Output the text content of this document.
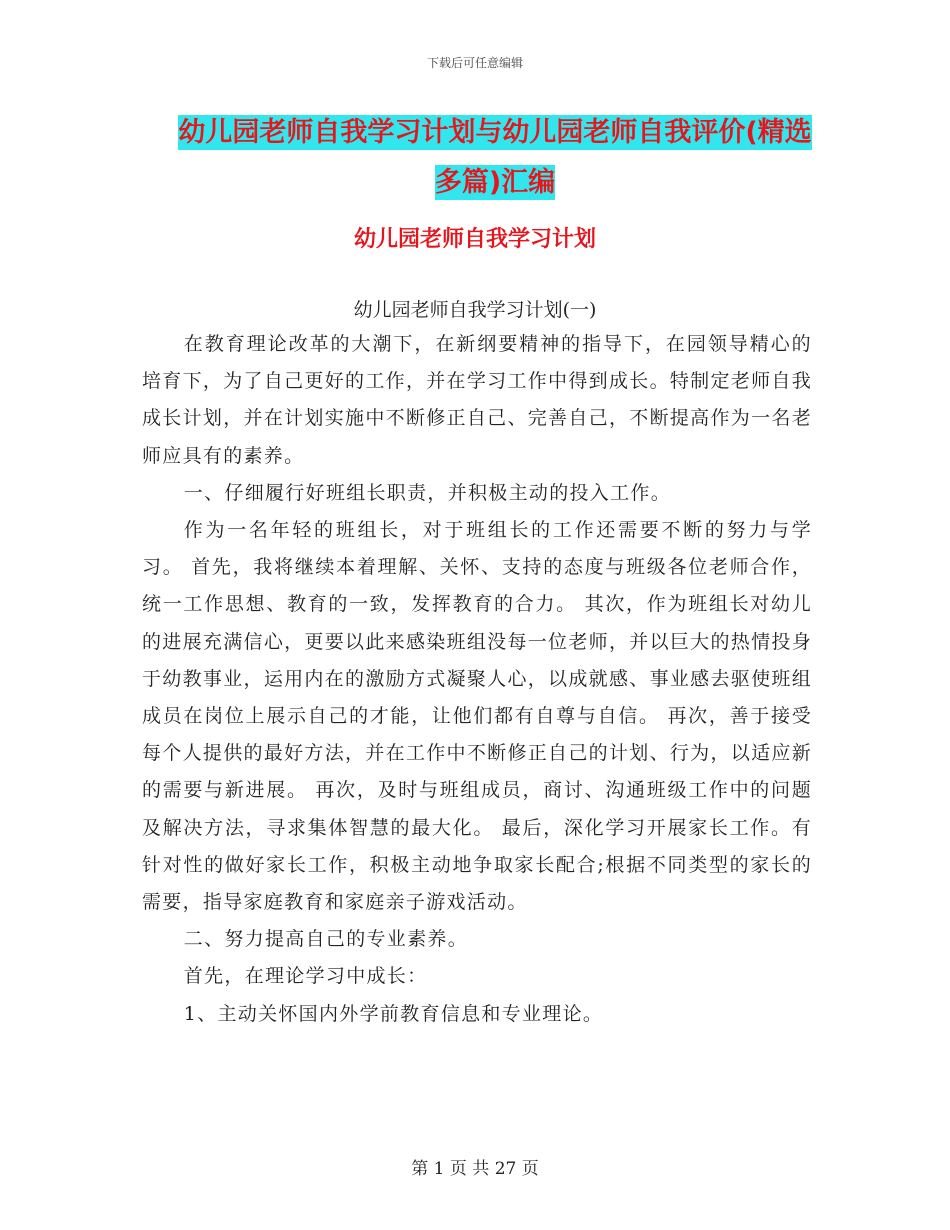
下载后可任意编辑
幼儿园老师自我学习计划与幼儿园老师自我评价(精选
多篇)汇编
幼儿园老师自我学习计划
幼儿园老师自我学习计划(一)

在教育理论改革的大潮下，在新纲要精神的指导下，在园领导精心的培育下，为了自己更好的工作，并在学习工作中得到成长。特制定老师自我成长计划，并在计划实施中不断修正自己、完善自己，不断提高作为一名老师应具有的素养。

一、仔细履行好班组长职责，并积极主动的投入工作。

作为一名年轻的班组长，对于班组长的工作还需要不断的努力与学习。 首先，我将继续本着理解、关怀、支持的态度与班级各位老师合作，统一工作思想、教育的一致，发挥教育的合力。 其次，作为班组长对幼儿的进展充满信心，更要以此来感染班组没每一位老师，并以巨大的热情投身于幼教事业，运用内在的激励方式凝聚人心，以成就感、事业感去驱使班组成员在岗位上展示自己的才能，让他们都有自尊与自信。 再次，善于接受每个人提供的最好方法，并在工作中不断修正自己的计划、行为，以适应新的需要与新进展。 再次，及时与班组成员，商讨、沟通班级工作中的问题及解决方法，寻求集体智慧的最大化。 最后，深化学习开展家长工作。有针对性的做好家长工作，积极主动地争取家长配合;根据不同类型的家长的需要，指导家庭教育和家庭亲子游戏活动。

二、努力提高自己的专业素养。

首先，在理论学习中成长：

1、主动关怀国内外学前教育信息和专业理论。

第 1 页 共 27 页
